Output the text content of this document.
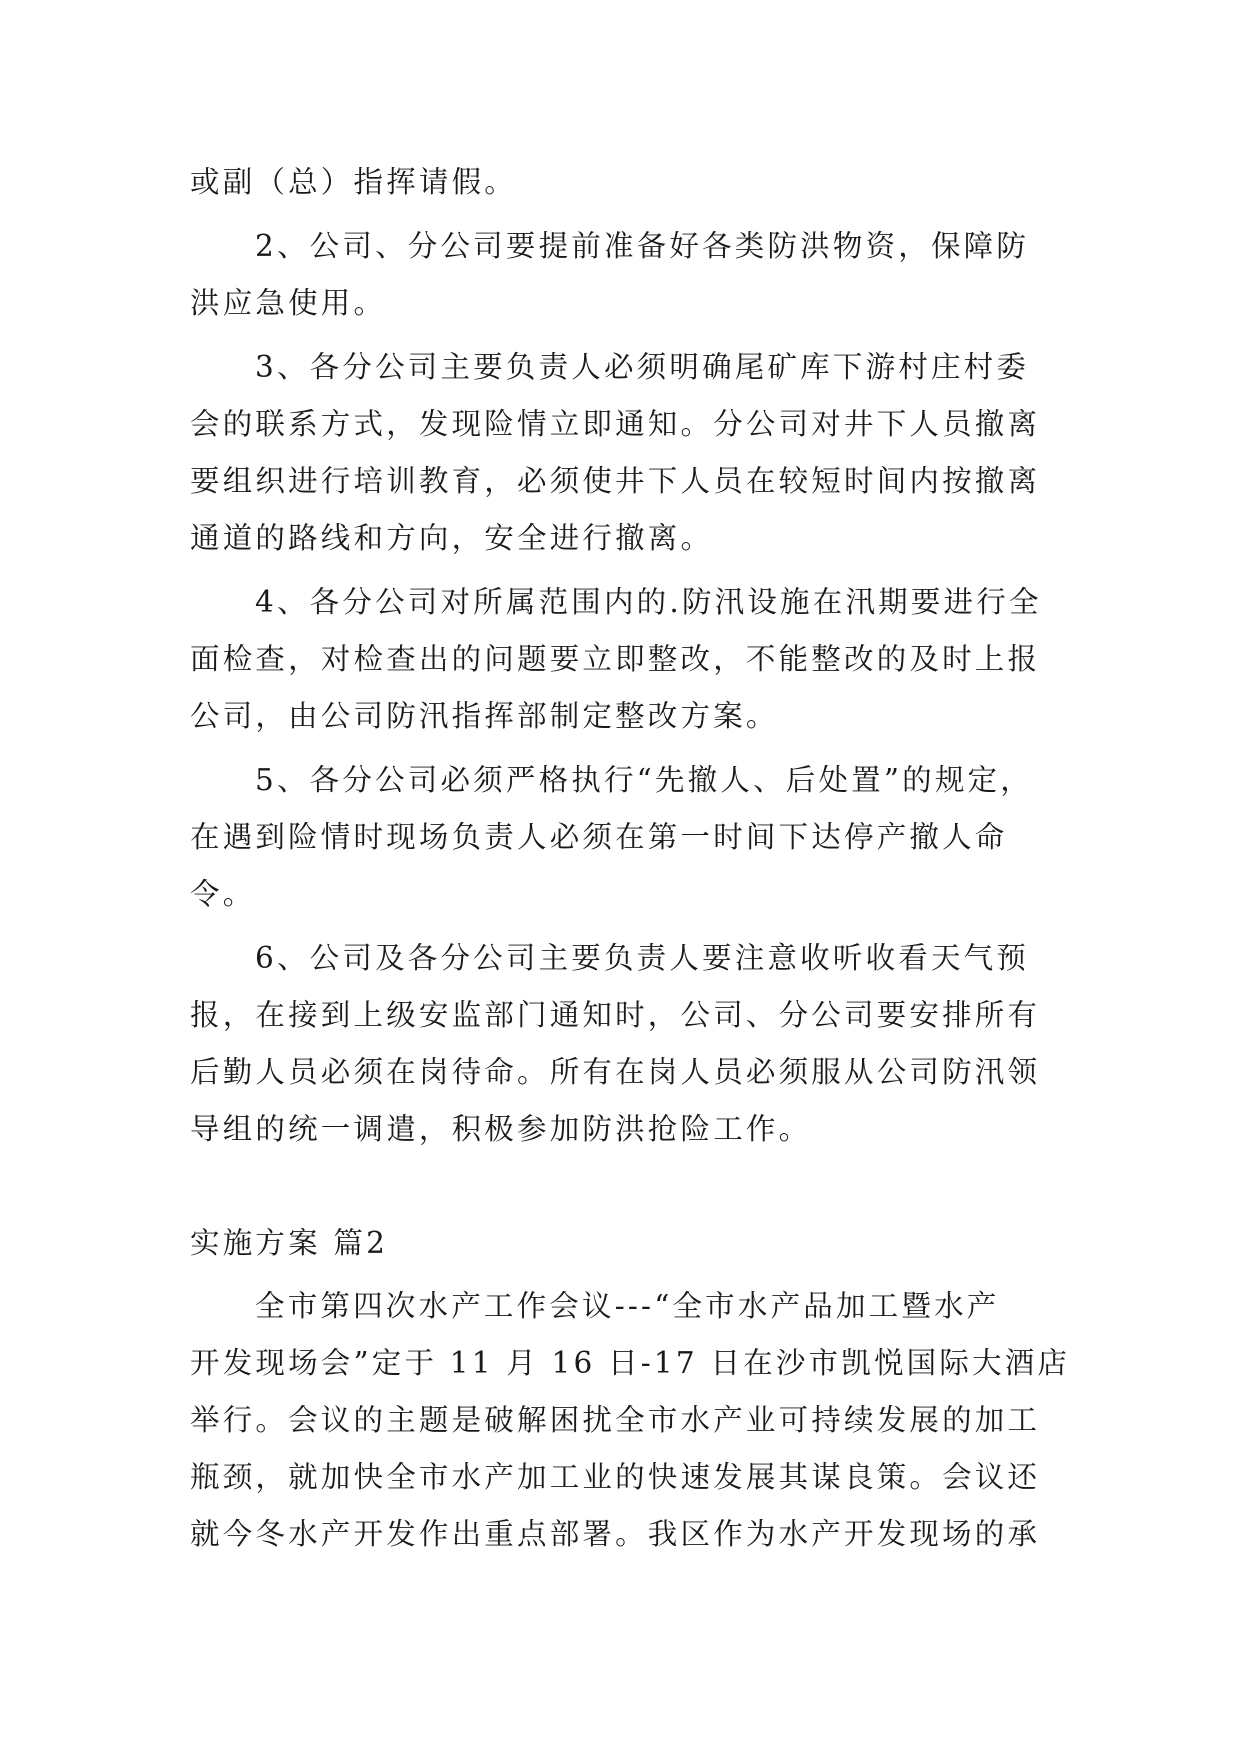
或副（总）指挥请假。
2、公司、分公司要提前准备好各类防洪物资，保障防
洪应急使用。
3、各分公司主要负责人必须明确尾矿库下游村庄村委
会的联系方式，发现险情立即通知。分公司对井下人员撤离
要组织进行培训教育，必须使井下人员在较短时间内按撤离
通道的路线和方向，安全进行撤离。
4、各分公司对所属范围内的.防汛设施在汛期要进行全
面检查，对检查出的问题要立即整改，不能整改的及时上报
公司，由公司防汛指挥部制定整改方案。
5、各分公司必须严格执行“先撤人、后处置”的规定，
在遇到险情时现场负责人必须在第一时间下达停产撤人命
令。
6、公司及各分公司主要负责人要注意收听收看天气预
报，在接到上级安监部门通知时，公司、分公司要安排所有
后勤人员必须在岗待命。所有在岗人员必须服从公司防汛领
导组的统一调遣，积极参加防洪抢险工作。
实施方案 篇2
全市第四次水产工作会议---“全市水产品加工暨水产
开发现场会”定于 11 月 16 日-17 日在沙市凯悦国际大酒店
举行。会议的主题是破解困扰全市水产业可持续发展的加工
瓶颈，就加快全市水产加工业的快速发展其谋良策。会议还
就今冬水产开发作出重点部署。我区作为水产开发现场的承
